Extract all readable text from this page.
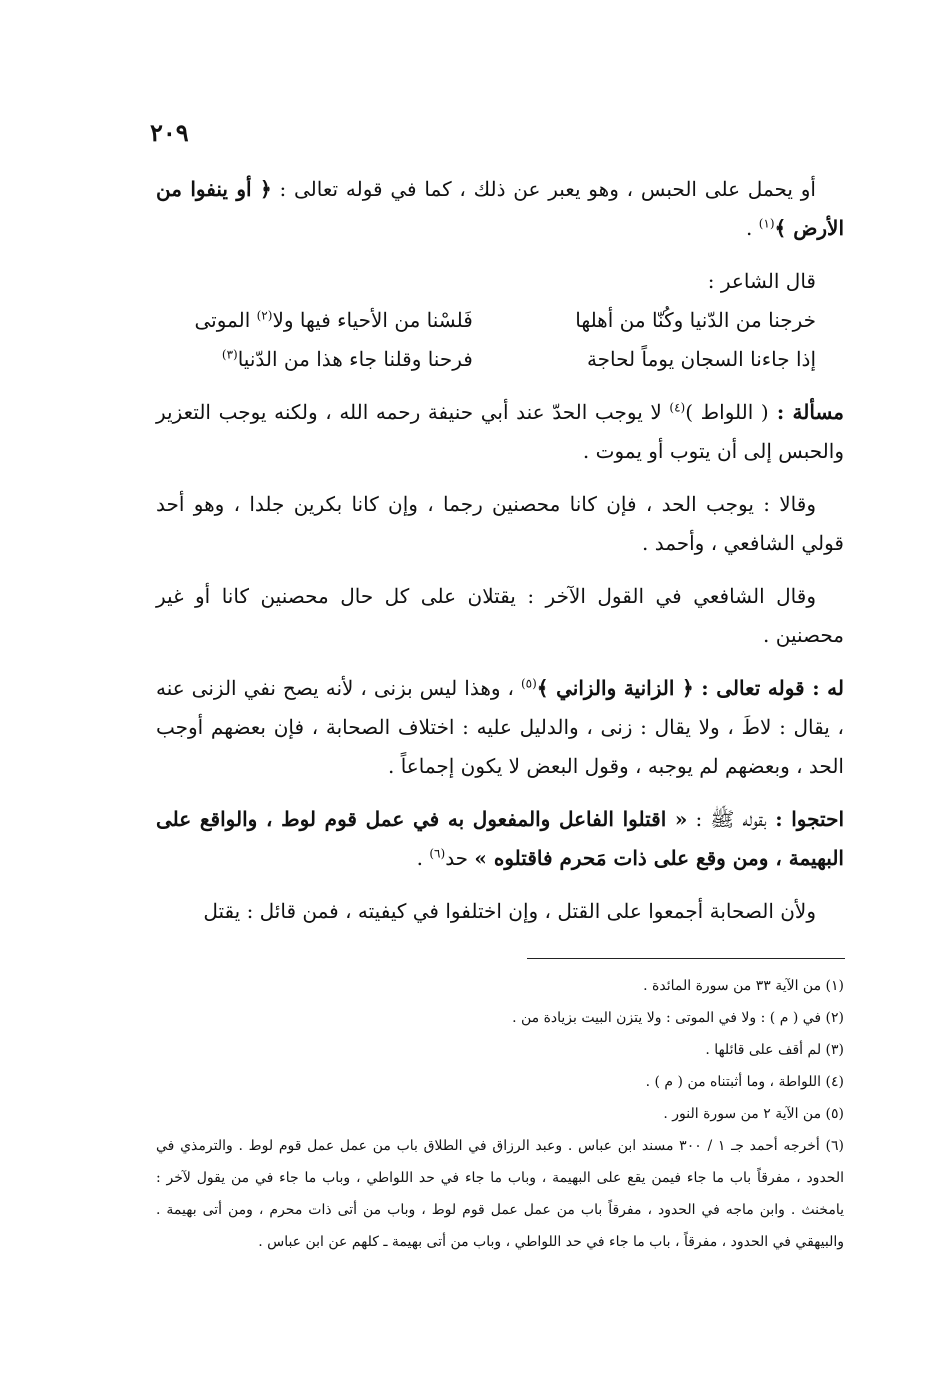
٢٠٩

أو يحمل على الحبس ، وهو يعبر عن ذلك ، كما في قوله تعالى : ﴿ أو ينفوا من الأرض ﴾$^{(١)}$ .

قال الشاعر :

خرجنا من الدّنيا وكُنّا من أهلها
فَلسْنا من الأحياء فيها ولا$^{(٢)}$ الموتى
إذا جاءنا السجان يوماً لحاجة
فرحنا وقلنا جاء هذا من الدّنيا$^{(٣)}$

مسألة : ( اللواط )$^{(٤)}$ لا يوجب الحدّ عند أبي حنيفة رحمه الله ، ولكنه يوجب التعزير والحبس إلى أن يتوب أو يموت .

وقالا : يوجب الحد ، فإن كانا محصنين رجما ، وإن كانا بكرين جلدا ، وهو أحد قولي الشافعي ، وأحمد .

وقال الشافعي في القول الآخر : يقتلان على كل حال محصنين كانا أو غير محصنين .

له : قوله تعالى : ﴿ الزانية والزاني ﴾$^{(٥)}$ ، وهذا ليس بزنى ، لأنه يصح نفي الزنى عنه ، يقال : لاطَ ، ولا يقال : زنى ، والدليل عليه : اختلاف الصحابة ، فإن بعضهم أوجب الحد ، وبعضهم لم يوجبه ، وقول البعض لا يكون إجماعاً .

احتجوا : بقوله ﷺ : « اقتلوا الفاعل والمفعول به في عمل قوم لوط ، والواقع على البهيمة ، ومن وقع على ذات مَحرم فاقتلوه » حد$^{(٦)}$ .

ولأن الصحابة أجمعوا على القتل ، وإن اختلفوا في كيفيته ، فمن قائل : يقتل

(١) من الآية ٣٣ من سورة المائدة .

(٢) في ( م ) : ولا في الموتى : ولا يتزن البيت بزيادة من .

(٣) لم أقف على قائلها .

(٤) اللواطة ، وما أثبتناه من ( م ) .

(٥) من الآية ٢ من سورة النور .

(٦) أخرجه أحمد جـ ١ / ٣٠٠ مسند ابن عباس . وعبد الرزاق في الطلاق باب من عمل عمل قوم لوط . والترمذي في الحدود ، مفرقاً باب ما جاء فيمن يقع على البهيمة ، وباب ما جاء في حد اللواطي ، وباب ما جاء في من يقول لآخر : يامخنث . وابن ماجه في الحدود ، مفرقاً باب من عمل عمل قوم لوط ، وباب من أتى ذات محرم ، ومن أتى بهيمة . والبيهقي في الحدود ، مفرقاً ، باب ما جاء في حد اللواطي ، وباب من أتى بهيمة ـ كلهم عن ابن عباس .
